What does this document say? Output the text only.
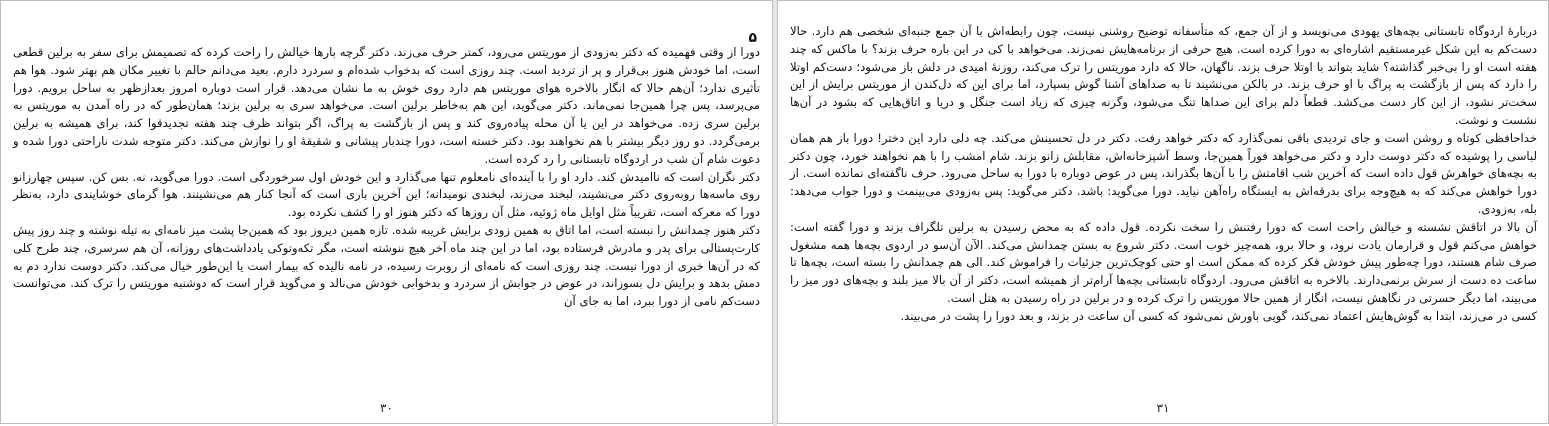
۵

دورا از وقتی فهمیده که دکتر به‌زودی از موریتس می‌رود، کمتر حرف می‌زند. دکتر گرچه بارها خیالش را راحت کرده که تصمیمش برای سفر به برلین قطعی است، اما خودش هنوز بی‌قرار و پر از تردید است. چند روزی است که بدخواب شده‌ام و سردرد دارم. بعید می‌دانم حالم با تغییر مکان هم بهتر شود. هوا هم تأثیری ندارد؛ آن‌هم حالا که انگار بالاخره هوای موریتس هم دارد روی خوش به ما نشان می‌دهد. قرار است دوباره امروز بعدازظهر به ساحل برویم. دورا می‌پرسد، پس چرا همین‌جا نمی‌ماند. دکتر می‌گوید، این هم به‌خاطر برلین است. می‌خواهد سری به برلین بزند؛ همان‌طور که در راه آمدن به موریتس به برلین سری زده. می‌خواهد در این یا آن محله پیاده‌روی کند و پس از بازگشت به پراگ، اگر بتواند ظرف چند هفته تجدیدقوا کند، برای همیشه به برلین برمی‌گردد. دو روز دیگر بیشتر با هم نخواهند بود. دکتر خسته است، دورا چندبار پیشانی و شقیقهٔ او را نوازش می‌کند. دکتر متوجه شدت ناراحتی دورا شده و دعوت شام آن شب در اردوگاه تابستانی را رد کرده است.

دکتر نگران است که ناامیدش کند. دارد او را با آینده‌ای نامعلوم تنها می‌گذارد و این خودش اول سرخوردگی است. دورا می‌گوید، نه. بس کن. سپس چهارزانو روی ماسه‌ها روبه‌روی دکتر می‌نشیند، لبخند می‌زند، لبخندی نومیدانه؛ این آخرین باری است که آنجا کنار هم می‌نشینند. هوا گرمای خوشایندی دارد، به‌نظر دورا که معرکه است، تقریباً مثل اوایل ماه ژوئیه، مثل آن روزها که دکتر هنوز او را کشف نکرده بود.

دکتر هنوز چمدانش را نبسته است، اما اتاق به همین زودی برایش غریبه شده. تازه همین دیروز بود که همین‌جا پشت میز نامه‌ای به تیله نوشته و چند روز پیش کارت‌پستالی برای پدر و مادرش فرستاده بود، اما در این چند ماه آخر هیچ ننوشته است، مگر تکه‌وتوکی یادداشت‌های روزانه، آن هم سرسری، چند طرح کلی که در آن‌ها خبری از دورا نیست. چند روزی است که نامه‌ای از روبرت رسیده، در نامه نالیده که بیمار است یا این‌طور خیال می‌کند. دکتر دوست ندارد دم به دمش بدهد و برایش دل بسوزاند، در عوض در جوابش از سردرد و بدخوابی خودش می‌نالد و می‌گوید قرار است که دوشنبه موریتس را ترک کند. می‌توانست دست‌کم نامی از دورا ببرد، اما به جای آن

۳۰

دربارهٔ اردوگاه تابستانی بچه‌های یهودی می‌نویسد و از آن جمع، که متأسفانه توضیح روشنی نیست، چون رابطه‌اش با آن جمع جنبه‌ای شخصی هم دارد. حالا دست‌کم به این شکل غیرمستقیم اشاره‌ای به دورا کرده است. هیچ حرفی از برنامه‌هایش نمی‌زند. می‌خواهد با کی در این باره حرف بزند؟ با ماکس که چند هفته است او را بی‌خبر گذاشته؟ شاید بتواند با اوتلا حرف بزند. ناگهان، حالا که دارد موریتس را ترک می‌کند، روزنهٔ امیدی در دلش باز می‌شود؛ دست‌کم اوتلا را دارد که پس از بازگشت به پراگ با او حرف بزند. در بالکن می‌نشیند تا به صداهای آشنا گوش بسپارد، اما برای این که دل‌کندن از موریتس برایش از این سخت‌تر نشود، از این کار دست می‌کشد. قطعاً دلم برای این صداها تنگ می‌شود، وگرنه چیزی که زیاد است جنگل و دریا و اتاق‌هایی که بشود در آن‌ها نشست و نوشت.

خداحافظی کوتاه و روشن است و جای تردیدی باقی نمی‌گذارد که دکتر خواهد رفت. دکتر در دل تحسینش می‌کند. چه دلی دارد این دختر! دورا باز هم همان لباسی را پوشیده که دکتر دوست دارد و دکتر می‌خواهد فوراً همین‌جا، وسط آشپزخانه‌اش، مقابلش زانو بزند. شام امشب را با هم نخواهند خورد، چون دکتر به بچه‌های خواهرش قول داده است که آخرین شب اقامتش را با آن‌ها بگذراند، پس در عوض دوباره با دورا به ساحل می‌رود. حرف ناگفته‌ای نمانده است. از دورا خواهش می‌کند که به هیچ‌وجه برای بدرقه‌اش به ایستگاه راه‌آهن نیاید. دورا می‌گوید: باشد. دکتر می‌گوید: پس به‌زودی می‌بینمت و دورا جواب می‌دهد: بله، به‌زودی.

آن بالا در اتاقش نشسته و خیالش راحت است که دورا رفتنش را سخت نکرده. قول داده که به محض رسیدن به برلین تلگراف بزند و دورا گفته است: خواهش می‌کنم قول و قرارمان یادت نرود، و حالا برو، همه‌چیز خوب است. دکتر شروع به بستن چمدانش می‌کند. الآن آن‌سو در اردوی بچه‌ها همه مشغول صرف شام هستند، دورا چه‌طور پیش خودش فکر کرده که ممکن است او حتی کوچک‌ترین جزئیات را فراموش کند. الی هم چمدانش را بسته است، بچه‌ها تا ساعت ده دست از سرش برنمی‌دارند. بالاخره به اتاقش می‌رود. اردوگاه تابستانی بچه‌ها آرام‌تر از همیشه است، دکتر از آن بالا میز بلند و بچه‌های دور میز را می‌بیند، اما دیگر حسرتی در نگاهش نیست، انگار از همین حالا موریتس را ترک کرده و در برلین در راه رسیدن به هتل است.

کسی در می‌زند، ابتدا به گوش‌هایش اعتماد نمی‌کند، گویی باورش نمی‌شود که کسی آن ساعت در بزند، و بعد دورا را پشت در می‌بیند.

۳۱
